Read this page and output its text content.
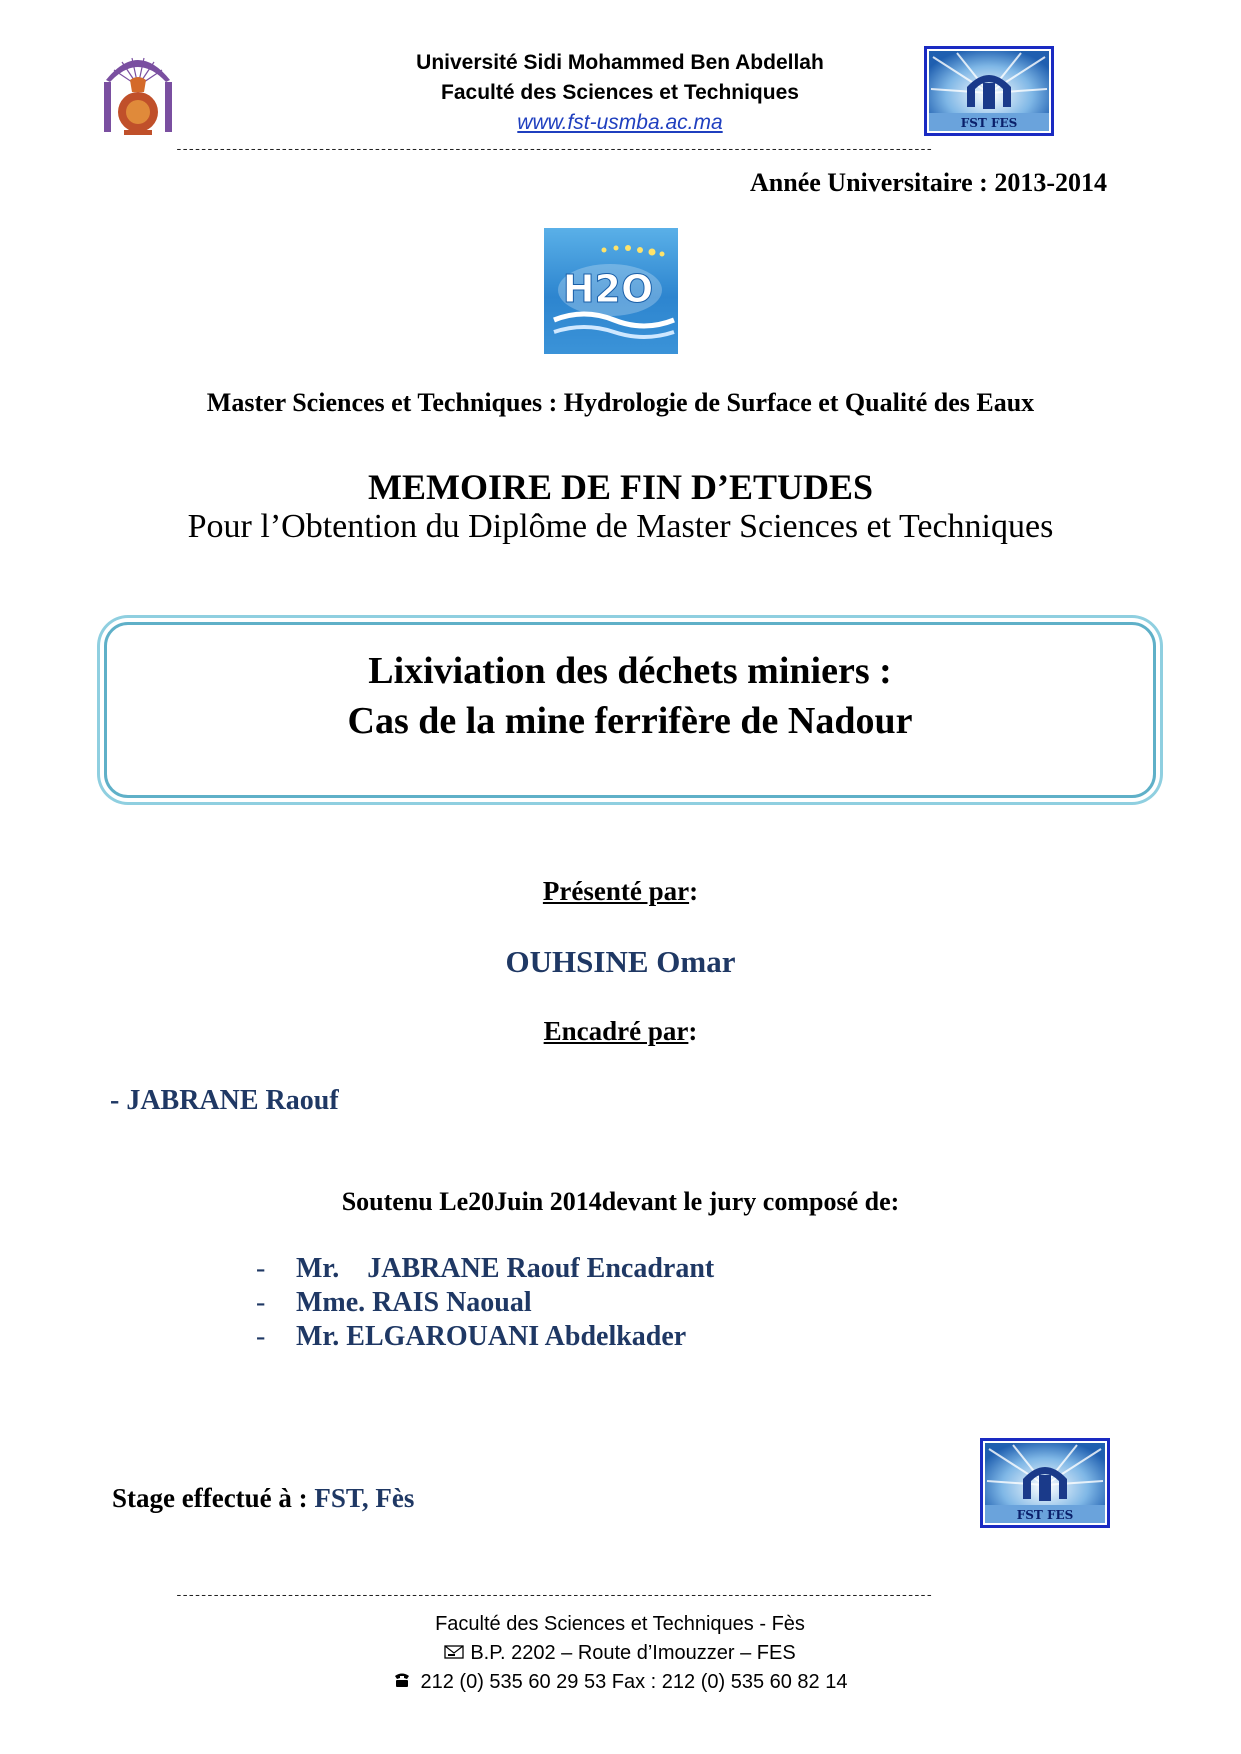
Université Sidi Mohammed Ben Abdellah
Faculté des Sciences et Techniques
www.fst-usmba.ac.ma	FST FES
--------------------------------------------------------------------------------------------------------------------------
Année Universitaire : 2013-2014
H2O
Master Sciences et Techniques : Hydrologie de Surface et Qualité des Eaux
MEMOIRE DE FIN D’ETUDES
Pour l’Obtention du Diplôme de Master Sciences et Techniques
Lixiviation des déchets miniers :
Cas de la mine ferrifère de Nadour
Présenté par:
OUHSINE Omar
Encadré par:
- JABRANE Raouf
Soutenu Le20Juin 2014devant le jury composé de:
-	Mr.    JABRANE Raouf Encadrant
-	Mme. RAIS Naoual
-	Mr. ELGAROUANI Abdelkader
Stage effectué à : FST, Fès
FST FES
--------------------------------------------------------------------------------------------------------------------------
Faculté des Sciences et Techniques - Fès
B.P. 2202 – Route d’Imouzzer – FES
212 (0) 535 60 29 53 Fax : 212 (0) 535 60 82 14
